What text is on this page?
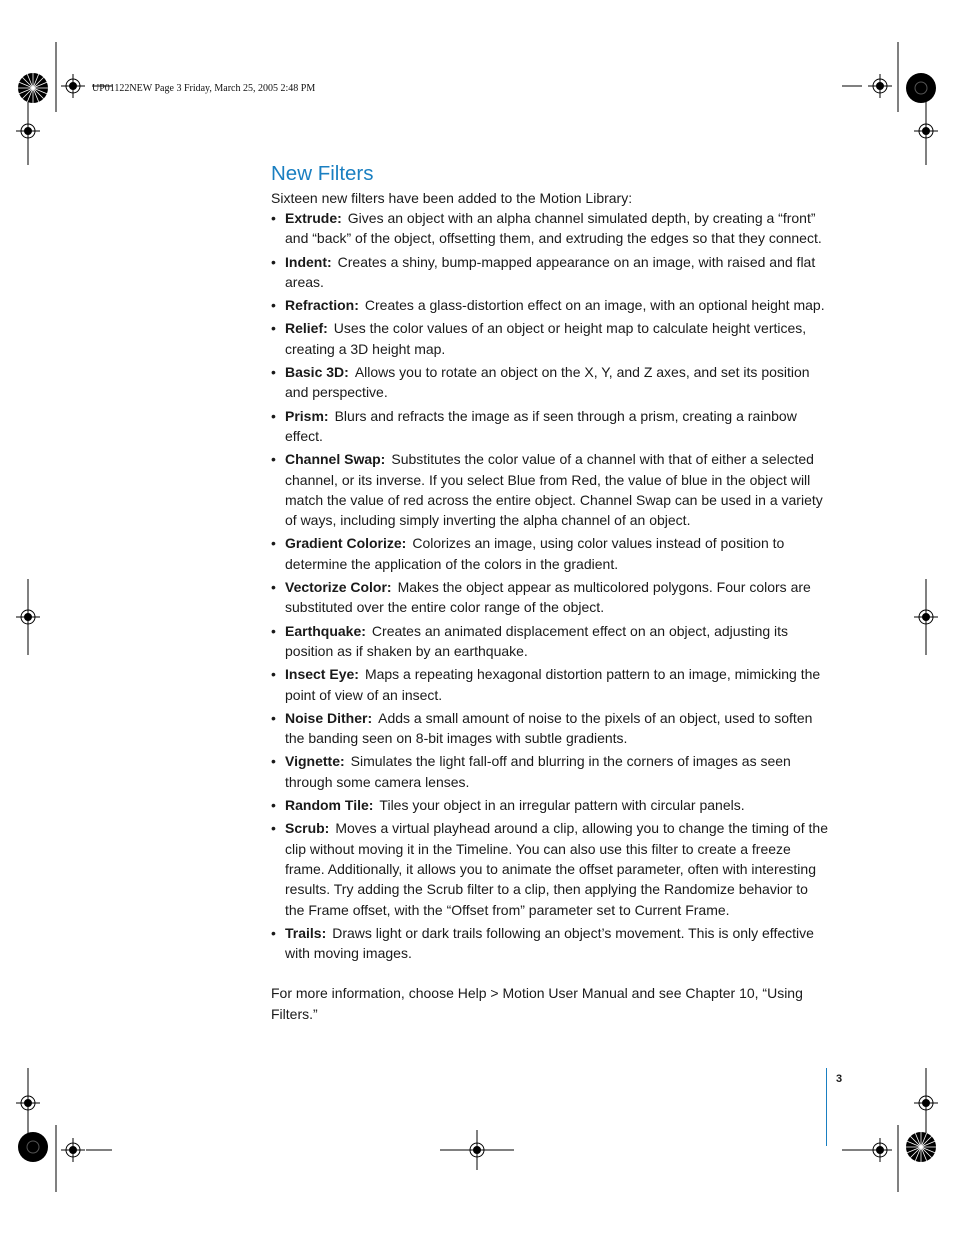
UP01122NEW Page 3 Friday, March 25, 2005 2:48 PM
New Filters

Sixteen new filters have been added to the Motion Library:

• Extrude: Gives an object with an alpha channel simulated depth, by creating a “front” and “back” of the object, offsetting them, and extruding the edges so that they connect.
• Indent: Creates a shiny, bump-mapped appearance on an image, with raised and flat areas.
• Refraction: Creates a glass-distortion effect on an image, with an optional height map.
• Relief: Uses the color values of an object or height map to calculate height vertices, creating a 3D height map.
• Basic 3D: Allows you to rotate an object on the X, Y, and Z axes, and set its position and perspective.
• Prism: Blurs and refracts the image as if seen through a prism, creating a rainbow effect.
• Channel Swap: Substitutes the color value of a channel with that of either a selected channel, or its inverse. If you select Blue from Red, the value of blue in the object will match the value of red across the entire object. Channel Swap can be used in a variety of ways, including simply inverting the alpha channel of an object.
• Gradient Colorize: Colorizes an image, using color values instead of position to determine the application of the colors in the gradient.
• Vectorize Color: Makes the object appear as multicolored polygons. Four colors are substituted over the entire color range of the object.
• Earthquake: Creates an animated displacement effect on an object, adjusting its position as if shaken by an earthquake.
• Insect Eye: Maps a repeating hexagonal distortion pattern to an image, mimicking the point of view of an insect.
• Noise Dither: Adds a small amount of noise to the pixels of an object, used to soften the banding seen on 8-bit images with subtle gradients.
• Vignette: Simulates the light fall-off and blurring in the corners of images as seen through some camera lenses.
• Random Tile: Tiles your object in an irregular pattern with circular panels.
• Scrub: Moves a virtual playhead around a clip, allowing you to change the timing of the clip without moving it in the Timeline. You can also use this filter to create a freeze frame. Additionally, it allows you to animate the offset parameter, often with interesting results. Try adding the Scrub filter to a clip, then applying the Randomize behavior to the Frame offset, with the “Offset from” parameter set to Current Frame.
• Trails: Draws light or dark trails following an object’s movement. This is only effective with moving images.

For more information, choose Help > Motion User Manual and see Chapter 10, “Using Filters.”

3
